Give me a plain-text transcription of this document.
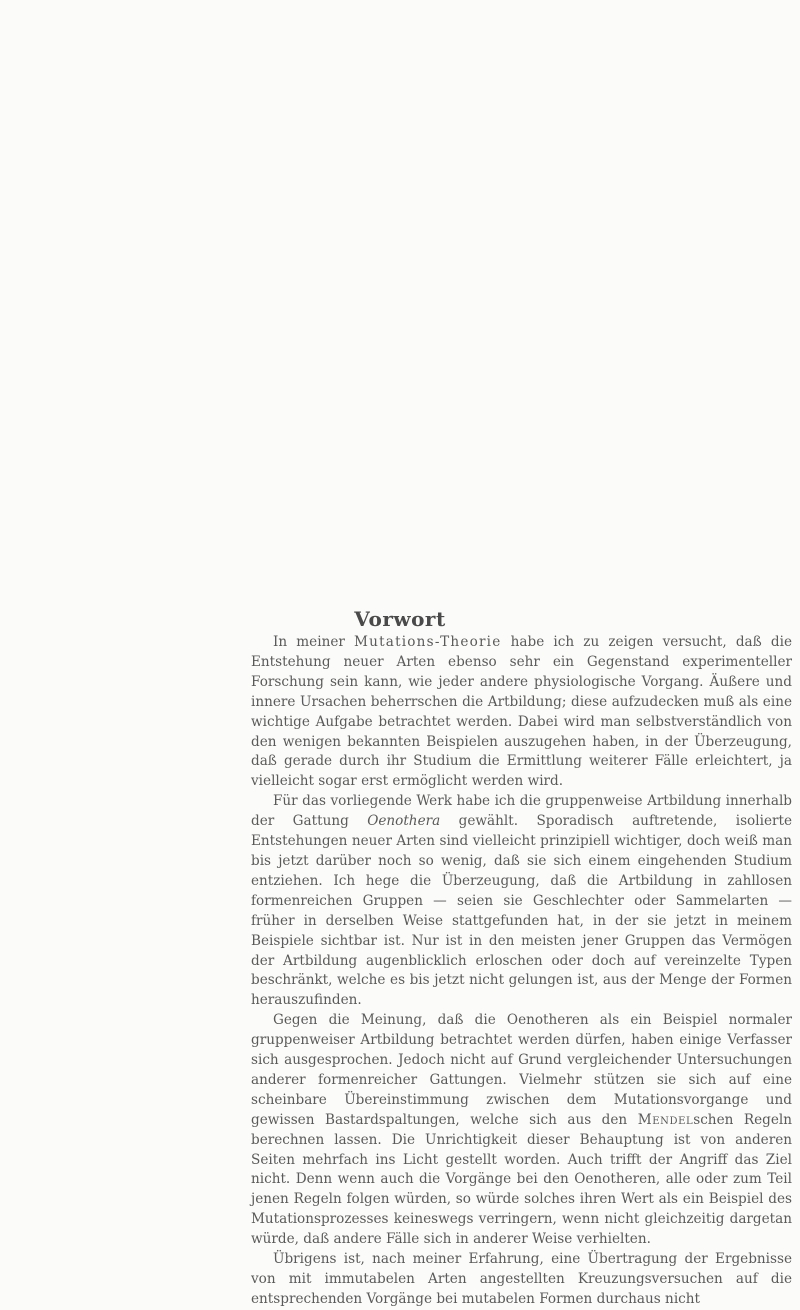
Vorwort

In meiner Mutations-Theorie habe ich zu zeigen versucht, daß die Entstehung neuer Arten ebenso sehr ein Gegenstand experimenteller Forschung sein kann, wie jeder andere physiologische Vorgang. Äußere und innere Ursachen beherrschen die Artbildung; diese aufzudecken muß als eine wichtige Aufgabe betrachtet werden. Dabei wird man selbstverständlich von den wenigen bekannten Beispielen auszugehen haben, in der Überzeugung, daß gerade durch ihr Studium die Ermittlung weiterer Fälle erleichtert, ja vielleicht sogar erst ermöglicht werden wird.

Für das vorliegende Werk habe ich die gruppenweise Artbildung innerhalb der Gattung Oenothera gewählt. Sporadisch auftretende, isolierte Entstehungen neuer Arten sind vielleicht prinzipiell wichtiger, doch weiß man bis jetzt darüber noch so wenig, daß sie sich einem eingehenden Studium entziehen. Ich hege die Überzeugung, daß die Artbildung in zahllosen formenreichen Gruppen — seien sie Geschlechter oder Sammelarten — früher in derselben Weise stattgefunden hat, in der sie jetzt in meinem Beispiele sichtbar ist. Nur ist in den meisten jener Gruppen das Vermögen der Artbildung augenblicklich erloschen oder doch auf vereinzelte Typen beschränkt, welche es bis jetzt nicht gelungen ist, aus der Menge der Formen herauszufinden.

Gegen die Meinung, daß die Oenotheren als ein Beispiel normaler gruppenweiser Artbildung betrachtet werden dürfen, haben einige Verfasser sich ausgesprochen. Jedoch nicht auf Grund vergleichender Untersuchungen anderer formenreicher Gattungen. Vielmehr stützen sie sich auf eine scheinbare Übereinstimmung zwischen dem Mutationsvorgange und gewissen Bastardspaltungen, welche sich aus den Mendelschen Regeln berechnen lassen. Die Unrichtigkeit dieser Behauptung ist von anderen Seiten mehrfach ins Licht gestellt worden. Auch trifft der Angriff das Ziel nicht. Denn wenn auch die Vorgänge bei den Oenotheren, alle oder zum Teil jenen Regeln folgen würden, so würde solches ihren Wert als ein Beispiel des Mutationsprozesses keineswegs verringern, wenn nicht gleichzeitig dargetan würde, daß andere Fälle sich in anderer Weise verhielten.

Übrigens ist, nach meiner Erfahrung, eine Übertragung der Ergebnisse von mit immutabelen Arten angestellten Kreuzungsversuchen auf die entsprechenden Vorgänge bei mutabelen Formen durchaus nicht
